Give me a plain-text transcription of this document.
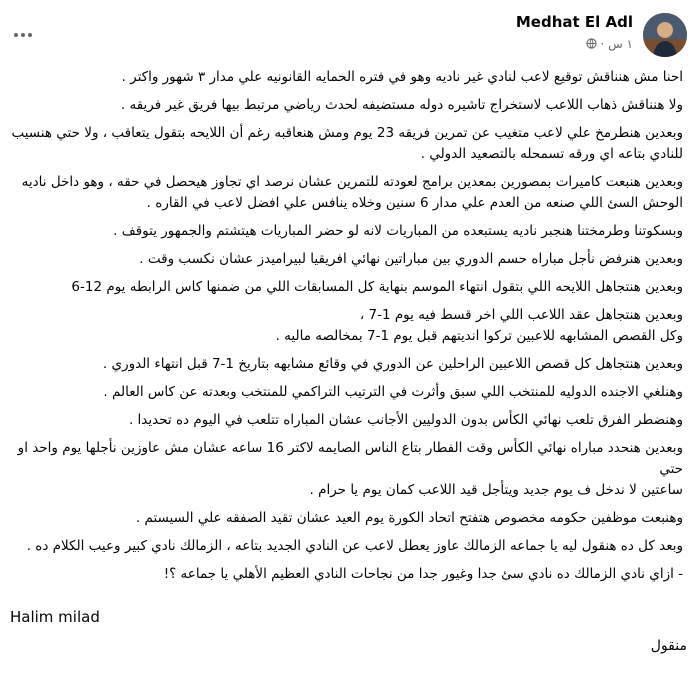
Medhat El Adl
١ س ·

احنا مش هنناقش توقيع لاعب لنادي غير ناديه وهو في فتره الحمايه القانونيه علي مدار ٣ شهور واكتر .

ولا هنناقش ذهاب اللاعب لاستخراج تاشيره دوله مستضيفه لحدث رياضي مرتبط بيها فريق غير فريقه .

وبعدين هنطرمخ علي لاعب متغيب عن تمرين فريقه 23 يوم ومش هنعاقبه رغم أن اللايحه بتقول يتعاقب ، ولا حتي هنسيب
للنادي بتاعه اي ورقه تسمحله بالتصعيد الدولي .

وبعدين هنبعت كاميرات بمصورين بمعدين برامج لعودته للتمرين عشان نرصد اي تجاوز هيحصل في حقه ، وهو داخل ناديه
الوحش السئ اللي صنعه من العدم علي مدار 6 سنين وخلاه ينافس علي افضل لاعب في القاره .

وبسكوتنا وطرمختنا هنجبر ناديه يستبعده من المباريات لانه لو حضر المباريات هيتشتم والجمهور يتوقف .

وبعدين هنرفض نأجل مباراه حسم الدوري بين مباراتين نهائي افريقيا لبيراميدز عشان نكسب وقت .

وبعدين هنتجاهل اللايحه اللي بتقول انتهاء الموسم بنهاية كل المسابقات اللي من ضمنها كاس الرابطه يوم 12-6

وبعدين هنتجاهل عقد اللاعب اللي اخر قسط فيه يوم 1-7 ،
وكل القصص المشابهه للاعبين تركوا انديتهم قبل يوم 1-7 بمخالصه ماليه .

وبعدين هنتجاهل كل قصص اللاعبين الراحلين عن الدوري في وقائع مشابهه بتاريخ 1-7 قبل انتهاء الدوري .

وهنلغي الاجنده الدوليه للمنتخب اللي سبق وأثرت في الترتيب التراكمي للمنتخب وبعدته عن كاس العالم .

وهنضطر الفرق تلعب نهائي الكأس بدون الدوليين الأجانب عشان المباراه تتلعب في اليوم ده تحديدا .

وبعدين هنحدد مباراه نهائي الكأس وقت الفطار بتاع الناس الصايمه لاكتر 16 ساعه عشان مش عاوزين نأجلها يوم واحد او حتي
ساعتين لا ندخل ف يوم جديد ويتأجل قيد اللاعب كمان يوم يا حرام .

وهنبعت موظفين حكومه مخصوص هتفتح اتحاد الكورة يوم العيد عشان تقيد الصفقه علي السيستم .

وبعد كل ده هنقول ليه يا جماعه الزمالك عاوز يعطل لاعب عن النادي الجديد بتاعه ، الزمالك نادي كبير وعيب الكلام ده .

- ازاي نادي الزمالك ده نادي سئ جدا وغيور جدا من نجاحات النادي العظيم الأهلي يا جماعه ؟!

Halim milad
منقول
